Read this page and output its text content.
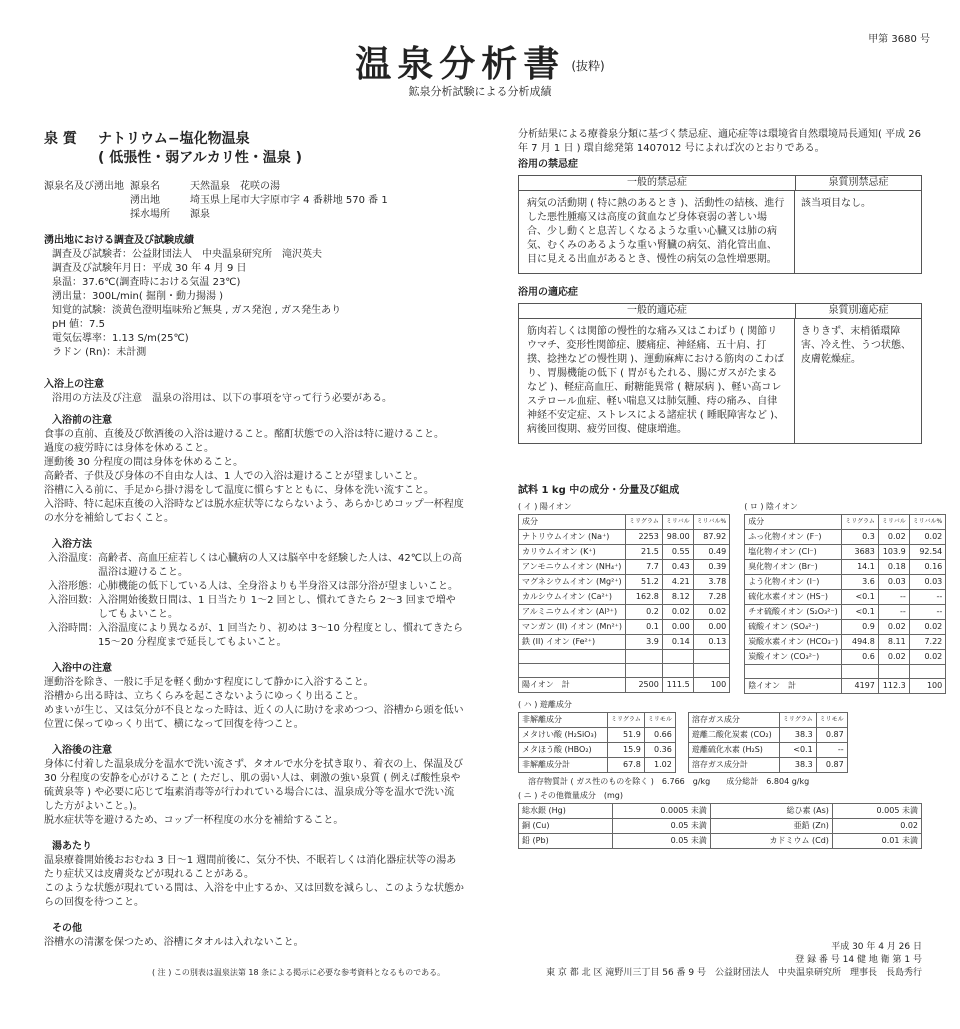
甲第 3680 号
温泉分析書 $^{(抜粋)}$
鉱泉分析試験による分析成績
泉 質	ナトリウム−塩化物温泉
( 低張性・弱アルカリ性・温泉 )
源泉名及び湧出地 源泉名	天然温泉　花咲の湯
湧出地	埼玉県上尾市大字原市字 4 番耕地 570 番 1
採水場所	源泉
湧出地における調査及び試験成績

調査及び試験者：公益財団法人　中央温泉研究所　滝沢英夫

調査及び試験年月日：平成 30 年 4 月 9 日

泉温：37.6℃(調査時における気温 23℃)

湧出量：300L/min( 掘削・動力揚湯 )

知覚的試験：淡黄色澄明塩味殆ど無臭 , ガス発泡 , ガス発生あり

pH 値：7.5

電気伝導率：1.13 S/m(25℃)

ラドン (Rn)：未計測

入浴上の注意

浴用の方法及び注意　温泉の浴用は、以下の事項を守って行う必要がある。

入浴前の注意

食事の直前、直後及び飲酒後の入浴は避けること。酩酊状態での入浴は特に避けること。

過度の疲労時には身体を休めること。

運動後 30 分程度の間は身体を休めること。

高齢者、子供及び身体の不自由な人は、1 人での入浴は避けることが望ましいこと。

浴槽に入る前に、手足から掛け湯をして温度に慣らすとともに、身体を洗い流すこと。

入浴時、特に起床直後の入浴時などは脱水症状等にならないよう、あらかじめコップ一杯程度の水分を補給しておくこと。

入浴方法
入浴温度： 高齢者、高血圧症若しくは心臓病の人又は脳卒中を経験した人は、42℃以上の高温浴は避けること。
入浴形態： 心肺機能の低下している人は、全身浴よりも半身浴又は部分浴が望ましいこと。
入浴回数： 入浴開始後数日間は、1 日当たり 1〜2 回とし、慣れてきたら 2〜3 回まで増やしてもよいこと。
入浴時間： 入浴温度により異なるが、1 回当たり、初めは 3〜10 分程度とし、慣れてきたら 15〜20 分程度まで延長してもよいこと。
入浴中の注意

運動浴を除き、一般に手足を軽く動かす程度にして静かに入浴すること。

浴槽から出る時は、立ちくらみを起こさないようにゆっくり出ること。

めまいが生じ、又は気分が不良となった時は、近くの人に助けを求めつつ、浴槽から頭を低い位置に保ってゆっくり出て、横になって回復を待つこと。

入浴後の注意

身体に付着した温泉成分を温水で洗い流さず、タオルで水分を拭き取り、着衣の上、保温及び 30 分程度の安静を心がけること ( ただし、肌の弱い人は、刺激の強い泉質 ( 例えば酸性泉や硫黄泉等 ) や必要に応じて塩素消毒等が行われている場合には、温泉成分等を温水で洗い流した方がよいこと。)。

脱水症状等を避けるため、コップ一杯程度の水分を補給すること。

湯あたり

温泉療養開始後おおむね 3 日〜1 週間前後に、気分不快、不眠若しくは消化器症状等の湯あたり症状又は皮膚炎などが現れることがある。

このような状態が現れている間は、入浴を中止するか、又は回数を減らし、このような状態からの回復を待つこと。

その他

浴槽水の清潔を保つため、浴槽にタオルは入れないこと。

( 注 ) この別表は温泉法第 18 条による掲示に必要な参考資料となるものである。

分析結果による療養泉分類に基づく禁忌症、適応症等は環境省自然環境局長通知( 平成 26 年 7 月 1 日 ) 環自総発第 1407012 号によれば次のとおりである。

浴用の禁忌症
一般的禁忌症	泉質別禁忌症
病気の活動期 ( 特に熱のあるとき )、活動性の結核、進行した悪性腫瘍又は高度の貧血など身体衰弱の著しい場合、少し動くと息苦しくなるような重い心臓又は肺の病気、むくみのあるような重い腎臓の病気、消化管出血、目に見える出血があるとき、慢性の病気の急性増悪期。
該当項目なし。
浴用の適応症
一般的適応症	泉質別適応症
筋肉若しくは関節の慢性的な痛み又はこわばり ( 関節リウマチ、変形性関節症、腰痛症、神経痛、五十肩、打撲、捻挫などの慢性期 )、運動麻痺における筋肉のこわばり、胃腸機能の低下 ( 胃がもたれる、腸にガスがたまるなど )、軽症高血圧、耐糖能異常 ( 糖尿病 )、軽い高コレステロール血症、軽い喘息又は肺気腫、痔の痛み、自律神経不安定症、ストレスによる諸症状 ( 睡眠障害など )、病後回復期、疲労回復、健康増進。
きりきず、末梢循環障害、冷え性、うつ状態、皮膚乾燥症。
試料 1 kg 中の成分・分量及び組成
( イ ) 陽イオン
成分	ミリグラム	ミリバル	ミリバル%
ナトリウムイオン (Na⁺)	2253	98.00	87.92
カリウムイオン (K⁺)	21.5	0.55	0.49
アンモニウムイオン (NH₄⁺)	7.7	0.43	0.39
マグネシウムイオン (Mg²⁺)	51.2	4.21	3.78
カルシウムイオン (Ca²⁺)	162.8	8.12	7.28
アルミニウムイオン (Al³⁺)	0.2	0.02	0.02
マンガン (II) イオン (Mn²⁺)	0.1	0.00	0.00
鉄 (II) イオン (Fe²⁺)	3.9	0.14	0.13

陽イオン　計	2500	111.5	100
( ロ ) 陰イオン
成分	ミリグラム	ミリバル	ミリバル%
ふっ化物イオン (F⁻)	0.3	0.02	0.02
塩化物イオン (Cl⁻)	3683	103.9	92.54
臭化物イオン (Br⁻)	14.1	0.18	0.16
よう化物イオン (I⁻)	3.6	0.03	0.03
硫化水素イオン (HS⁻)	<0.1	--	--
チオ硫酸イオン (S₂O₃²⁻)	<0.1	--	--
硫酸イオン (SO₄²⁻)	0.9	0.02	0.02
炭酸水素イオン (HCO₃⁻)	494.8	8.11	7.22
炭酸イオン (CO₃²⁻)	0.6	0.02	0.02

陰イオン　計	4197	112.3	100
( ハ ) 遊離成分
非解離成分	ミリグラム	ミリモル
メタけい酸 (H₂SiO₃)	51.9	0.66
メタほう酸 (HBO₂)	15.9	0.36
非解離成分計	67.8	1.02
溶存ガス成分	ミリグラム	ミリモル
遊離二酸化炭素 (CO₂)	38.3	0.87
遊離硫化水素 (H₂S)	<0.1	--
溶存ガス成分計	38.3	0.87
溶存物質計 ( ガス性のものを除く )　6.766　g/kg　　成分総計　6.804 g/kg
( ニ ) その他微量成分　(mg)
総水銀 (Hg)	0.0005 未満	総ひ素 (As)	0.005 未満
銅 (Cu)	0.05 未満	亜鉛 (Zn)	0.02
鉛 (Pb)	0.05 未満	カドミウム (Cd)	0.01 未満
平成 30 年 4 月 26 日
登 録 番 号 14 健 地 衛 第 1 号
東 京 都 北 区 滝野川三丁目 56 番 9 号　公益財団法人　中央温泉研究所　理事長　長島秀行
